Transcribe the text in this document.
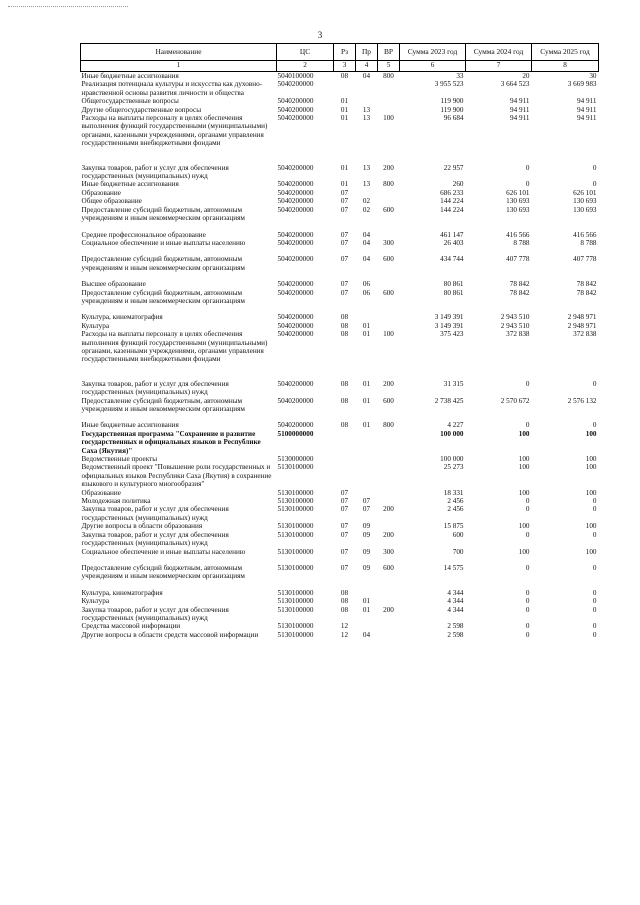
3
Наименование	ЦС	Рз	Пр	ВР	Сумма 2023 год	Сумма 2024 год	Сумма 2025 год
1	2	3	4	5	6	7	8
Иные бюджетные ассигнования	5040100000	08	04	800	33	20	30
Реализация потенциала культуры и искусства как духовно-нравственной основы развития личности и общества	5040200000				3 955 523	3 664 523	3 669 983
Общегосударственные вопросы	5040200000	01			119 900	94 911	94 911
Другие общегосударственные вопросы	5040200000	01	13		119 900	94 911	94 911
Расходы на выплаты персоналу в целях обеспечения выполнения функций государственными (муниципальными) органами, казенными учреждениями, органами управления государственными внебюджетными фондами	5040200000	01	13	100	96 684	94 911	94 911

Закупка товаров, работ и услуг для обеспечения государственных (муниципальных) нужд	5040200000	01	13	200	22 957	0	0
Иные бюджетные ассигнования	5040200000	01	13	800	260	0	0
Образование	5040200000	07			686 233	626 101	626 101
Общее образование	5040200000	07	02		144 224	130 693	130 693
Предоставление субсидий бюджетным, автономным учреждениям и иным некоммерческим организациям	5040200000	07	02	600	144 224	130 693	130 693

Среднее профессиональное образование	5040200000	07	04		461 147	416 566	416 566
Социальное обеспечение и иные выплаты населению	5040200000	07	04	300	26 403	8 788	8 788

Предоставление субсидий бюджетным, автономным учреждениям и иным некоммерческим организациям	5040200000	07	04	600	434 744	407 778	407 778

Высшее образование	5040200000	07	06		80 861	78 842	78 842
Предоставление субсидий бюджетным, автономным учреждениям и иным некоммерческим организациям	5040200000	07	06	600	80 861	78 842	78 842

Культура, кинематография	5040200000	08			3 149 391	2 943 510	2 948 971
Культура	5040200000	08	01		3 149 391	2 943 510	2 948 971
Расходы на выплаты персоналу в целях обеспечения выполнения функций государственными (муниципальными) органами, казенными учреждениями, органами управления государственными внебюджетными фондами	5040200000	08	01	100	375 423	372 838	372 838

Закупка товаров, работ и услуг для обеспечения государственных (муниципальных) нужд	5040200000	08	01	200	31 315	0	0
Предоставление субсидий бюджетным, автономным учреждениям и иным некоммерческим организациям	5040200000	08	01	600	2 738 425	2 570 672	2 576 132

Иные бюджетные ассигнования	5040200000	08	01	800	4 227	0	0
Государственная программа "Сохранение и развитие государственных и официальных языков в Республике Саха (Якутия)"	5100000000				100 000	100	100
Ведомственные проекты	5130000000				100 000	100	100
Ведомственный проект "Повышение роли государственных и официальных языков Республики Саха (Якутия) в сохранение языкового и культурного многообразия"	5130100000				25 273	100	100
Образование	5130100000	07			18 331	100	100
Молодежная политика	5130100000	07	07		2 456	0	0
Закупка товаров, работ и услуг для обеспечения государственных (муниципальных) нужд	5130100000	07	07	200	2 456	0	0
Другие вопросы в области образования	5130100000	07	09		15 875	100	100
Закупка товаров, работ и услуг для обеспечения государственных (муниципальных) нужд	5130100000	07	09	200	600	0	0
Социальное обеспечение и иные выплаты населению	5130100000	07	09	300	700	100	100

Предоставление субсидий бюджетным, автономным учреждениям и иным некоммерческим организациям	5130100000	07	09	600	14 575	0	0

Культура, кинематография	5130100000	08			4 344	0	0
Культура	5130100000	08	01		4 344	0	0
Закупка товаров, работ и услуг для обеспечения государственных (муниципальных) нужд	5130100000	08	01	200	4 344	0	0
Средства массовой информации	5130100000	12			2 598	0	0
Другие вопросы в области средств массовой информации	5130100000	12	04		2 598	0	0
